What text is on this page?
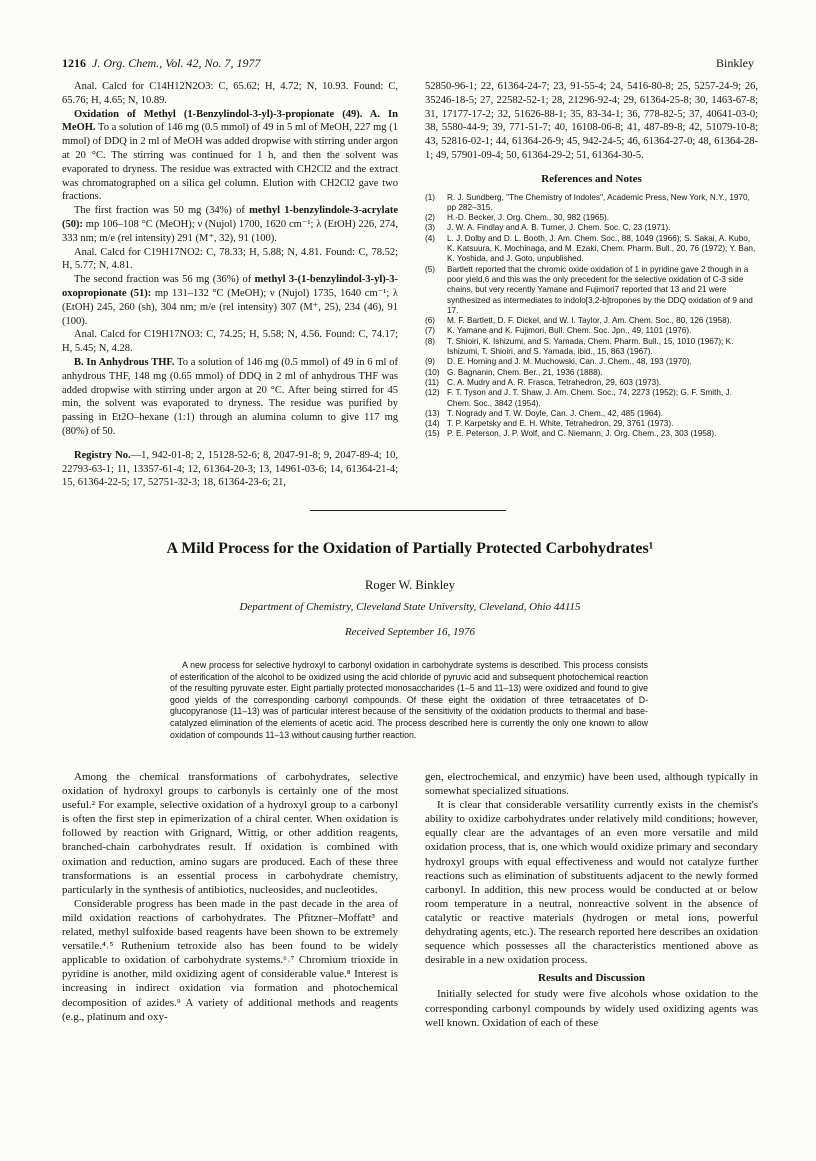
1216 J. Org. Chem., Vol. 42, No. 7, 1977	Binkley

Anal. Calcd for C14H12N2O3: C, 65.62; H, 4.72; N, 10.93. Found: C, 65.76; H, 4.65; N, 10.89.

Oxidation of Methyl (1-Benzylindol-3-yl)-3-propionate (49). A. In MeOH. To a solution of 146 mg (0.5 mmol) of 49 in 5 ml of MeOH, 227 mg (1 mmol) of DDQ in 2 ml of MeOH was added dropwise with stirring under argon at 20 °C. The stirring was continued for 1 h, and then the solvent was evaporated to dryness. The residue was extracted with CH2Cl2 and the extract was chromatographed on a silica gel column. Elution with CH2Cl2 gave two fractions.

The first fraction was 50 mg (34%) of methyl 1-benzylindole-3-acrylate (50): mp 106–108 °C (MeOH); ν (Nujol) 1700, 1620 cm⁻¹; λ (EtOH) 226, 274, 333 nm; m/e (rel intensity) 291 (M⁺, 32), 91 (100).

Anal. Calcd for C19H17NO2: C, 78.33; H, 5.88; N, 4.81. Found: C, 78.52; H, 5.77; N, 4.81.

The second fraction was 56 mg (36%) of methyl 3-(1-benzylindol-3-yl)-3-oxopropionate (51): mp 131–132 °C (MeOH); ν (Nujol) 1735, 1640 cm⁻¹; λ (EtOH) 245, 260 (sh), 304 nm; m/e (rel intensity) 307 (M⁺, 25), 234 (46), 91 (100).

Anal. Calcd for C19H17NO3: C, 74.25; H, 5.58; N, 4.56. Found: C, 74.17; H, 5.45; N, 4.28.

B. In Anhydrous THF. To a solution of 146 mg (0.5 mmol) of 49 in 6 ml of anhydrous THF, 148 mg (0.65 mmol) of DDQ in 2 ml of anhydrous THF was added dropwise with stirring under argon at 20 °C. After being stirred for 45 min, the solvent was evaporated to dryness. The residue was purified by passing in Et2O–hexane (1:1) through an alumina column to give 117 mg (80%) of 50.

Registry No.—1, 942-01-8; 2, 15128-52-6; 8, 2047-91-8; 9, 2047-89-4; 10, 22793-63-1; 11, 13357-61-4; 12, 61364-20-3; 13, 14961-03-6; 14, 61364-21-4; 15, 61364-22-5; 17, 52751-32-3; 18, 61364-23-6; 21,

52850-96-1; 22, 61364-24-7; 23, 91-55-4; 24, 5416-80-8; 25, 5257-24-9; 26, 35246-18-5; 27, 22582-52-1; 28, 21296-92-4; 29, 61364-25-8; 30, 1463-67-8; 31, 17177-17-2; 32, 51626-88-1; 35, 83-34-1; 36, 778-82-5; 37, 40641-03-0; 38, 5580-44-9; 39, 771-51-7; 40, 16108-06-8; 41, 487-89-8; 42, 51079-10-8; 43, 52816-02-1; 44, 61364-26-9; 45, 942-24-5; 46, 61364-27-0; 48, 61364-28-1; 49, 57901-09-4; 50, 61364-29-2; 51, 61364-30-5.

References and Notes
(1)	R. J. Sundberg, "The Chemistry of Indoles", Academic Press, New York, N.Y., 1970, pp 282–315.
(2)	H.-D. Becker, J. Org. Chem., 30, 982 (1965).
(3)	J. W. A. Findlay and A. B. Turner, J. Chem. Soc. C, 23 (1971).
(4)	L. J. Dolby and D. L. Booth, J. Am. Chem. Soc., 88, 1049 (1966); S. Sakai, A. Kubo, K. Katsuura, K. Mochinaga, and M. Ezaki, Chem. Pharm. Bull., 20, 76 (1972); Y. Ban, K. Yoshida, and J. Goto, unpublished.
(5)	Bartlett reported that the chromic oxide oxidation of 1 in pyridine gave 2 though in a poor yield,6 and this was the only precedent for the selective oxidation of C-3 side chains, but very recently Yamane and Fujimori7 reported that 13 and 21 were synthesized as intermediates to indolo[3,2-b]tropones by the DDQ oxidation of 9 and 17.
(6)	M. F. Bartlett, D. F. Dickel, and W. I. Taylor, J. Am. Chem. Soc., 80, 126 (1958).
(7)	K. Yamane and K. Fujimori, Bull. Chem. Soc. Jpn., 49, 1101 (1976).
(8)	T. Shioiri, K. Ishizumi, and S. Yamada, Chem. Pharm. Bull., 15, 1010 (1967); K. Ishizumi, T. Shioiri, and S. Yamada, ibid., 15, 863 (1967).
(9)	D. E. Horning and J. M. Muchowski, Can. J. Chem., 48, 193 (1970).
(10) G. Bagnanin, Chem. Ber., 21, 1936 (1888).
(11) C. A. Mudry and A. R. Frasca, Tetrahedron, 29, 603 (1973).
(12) F. T. Tyson and J. T. Shaw, J. Am. Chem. Soc., 74, 2273 (1952); G. F. Smith, J. Chem. Soc., 3842 (1954).
(13) T. Nogrady and T. W. Doyle, Can. J. Chem., 42, 485 (1964).
(14) T. P. Karpetsky and E. H. White, Tetrahedron, 29, 3761 (1973).
(15) P. E. Peterson, J. P. Wolf, and C. Niemann, J. Org. Chem., 23, 303 (1958).
A Mild Process for the Oxidation of Partially Protected Carbohydrates¹
Roger W. Binkley
Department of Chemistry, Cleveland State University, Cleveland, Ohio 44115
Received September 16, 1976
A new process for selective hydroxyl to carbonyl oxidation in carbohydrate systems is described. This process consists of esterification of the alcohol to be oxidized using the acid chloride of pyruvic acid and subsequent photochemical reaction of the resulting pyruvate ester. Eight partially protected monosaccharides (1–5 and 11–13) were oxidized and found to give good yields of the corresponding carbonyl compounds. Of these eight the oxidation of three tetraacetates of D-glucopyranose (11–13) was of particular interest because of the sensitivity of the oxidation products to thermal and base-catalyzed elimination of the elements of acetic acid. The process described here is currently the only one known to allow oxidation of compounds 11–13 without causing further reaction.

Among the chemical transformations of carbohydrates, selective oxidation of hydroxyl groups to carbonyls is certainly one of the most useful.² For example, selective oxidation of a hydroxyl group to a carbonyl is often the first step in epimerization of a chiral center. When oxidation is followed by reaction with Grignard, Wittig, or other addition reagents, branched-chain carbohydrates result. If oxidation is combined with oximation and reduction, amino sugars are produced. Each of these three transformations is an essential process in carbohydrate chemistry, particularly in the synthesis of antibiotics, nucleosides, and nucleotides.

Considerable progress has been made in the past decade in the area of mild oxidation reactions of carbohydrates. The Pfitzner–Moffatt³ and related, methyl sulfoxide based reagents have been shown to be extremely versatile.⁴˒⁵ Ruthenium tetroxide also has been found to be widely applicable to oxidation of carbohydrate systems.⁶˒⁷ Chromium trioxide in pyridine is another, mild oxidizing agent of considerable value.⁸ Interest is increasing in indirect oxidation via formation and photochemical decomposition of azides.⁹ A variety of additional methods and reagents (e.g., platinum and oxy-

gen, electrochemical, and enzymic) have been used, although typically in somewhat specialized situations.

It is clear that considerable versatility currently exists in the chemist's ability to oxidize carbohydrates under relatively mild conditions; however, equally clear are the advantages of an even more versatile and mild oxidation process, that is, one which would oxidize primary and secondary hydroxyl groups with equal effectiveness and would not catalyze further reactions such as elimination of substituents adjacent to the newly formed carbonyl. In addition, this new process would be conducted at or below room temperature in a neutral, nonreactive solvent in the absence of catalytic or reactive materials (hydrogen or metal ions, powerful dehydrating agents, etc.). The research reported here describes an oxidation sequence which possesses all the characteristics mentioned above as desirable in a new oxidation process.

Results and Discussion

Initially selected for study were five alcohols whose oxidation to the corresponding carbonyl compounds by widely used oxidizing agents was well known. Oxidation of each of these
